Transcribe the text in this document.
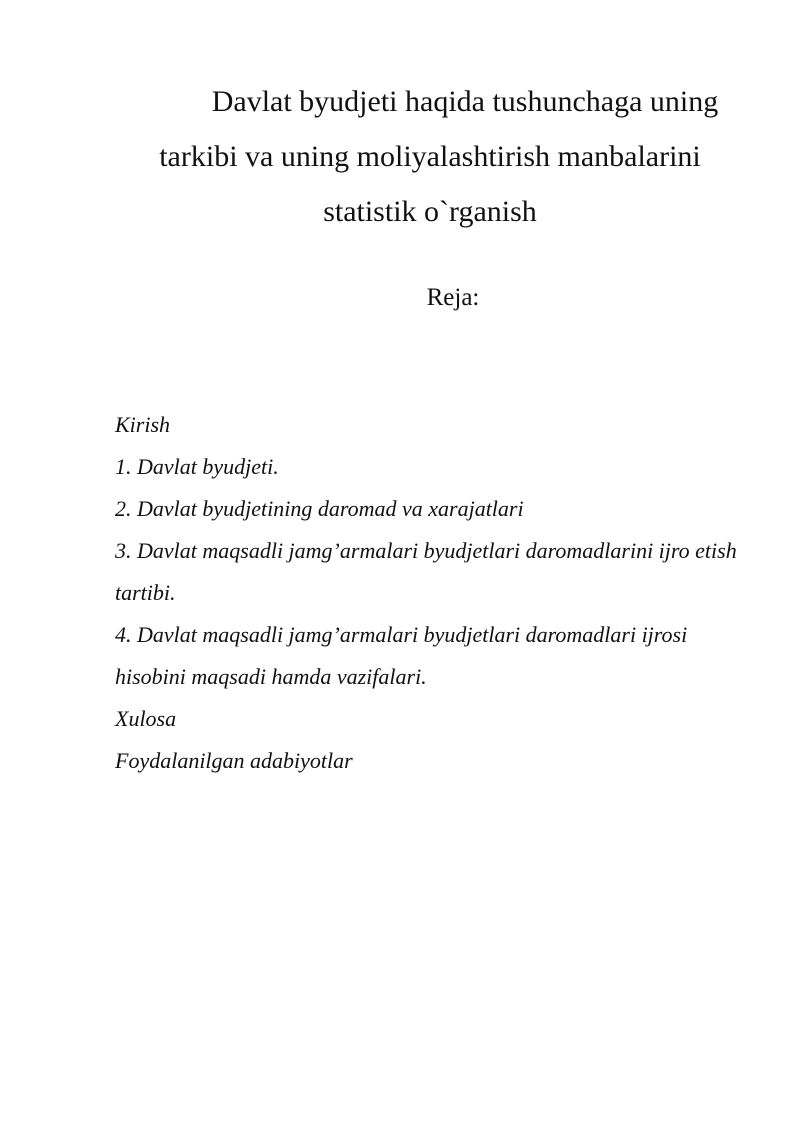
Davlat byudjeti haqida tushunchaga uning tarkibi va uning moliyalashtirish manbalarini statistik o`rganish
Reja:
Kirish
1. Davlat byudjeti.
2. Davlat byudjetining daromad va xarajatlari
3. Davlat maqsadli jamg’armalari byudjetlari daromadlarini ijro etish tartibi.
4. Davlat maqsadli jamg’armalari byudjetlari daromadlari ijrosi hisobini maqsadi hamda vazifalari.
Xulosa
Foydalanilgan adabiyotlar
